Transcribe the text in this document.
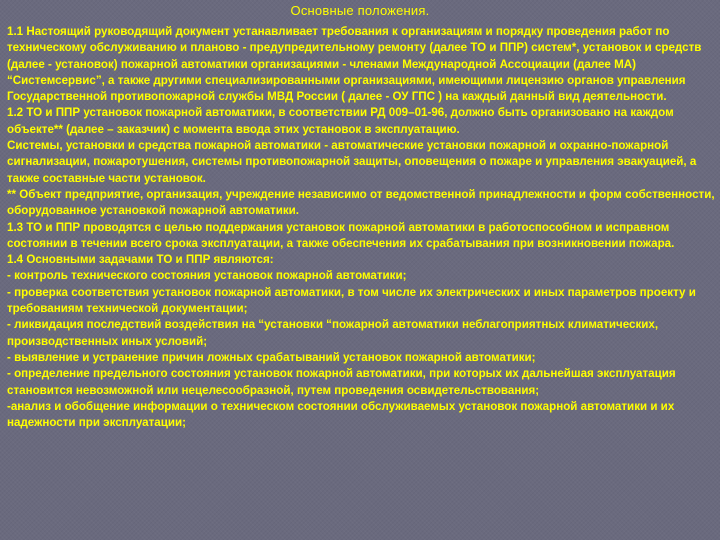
Основные положения.
1.1 Настоящий руководящий документ устанавливает требования к организациям и порядку проведения работ по техническому обслуживанию и планово - предупредительному ремонту (далее ТО и ППР) систем*, установок и средств (далее - установок) пожарной автоматики организациями - членами Международной Ассоциации (далее МА) “Системсервис”, а также другими специализированными организациями, имеющими лицензию органов управления Государственной противопожарной службы МВД России ( далее - ОУ ГПС ) на каждый данный вид деятельности.
1.2 ТО и ППР установок пожарной автоматики, в соответствии РД 009–01-96, должно быть организовано на каждом объекте** (далее – заказчик) с момента ввода этих установок в эксплуатацию.
Системы, установки и средства пожарной автоматики - автоматические установки пожарной и охранно-пожарной сигнализации, пожаротушения, системы противопожарной защиты, оповещения о пожаре и управления эвакуацией, а также составные части установок.
** Объект предприятие, организация, учреждение независимо от ведомственной принадлежности и форм собственности, оборудованное установкой пожарной автоматики.
1.3 ТО и ППР проводятся с целью поддержания установок пожарной автоматики в работоспособном и исправном состоянии в течении всего срока эксплуатации, а также обеспечения их срабатывания при возникновении пожара.
1.4 Основными задачами ТО и ППР являются:
- контроль технического состояния установок пожарной автоматики;
- проверка соответствия установок пожарной автоматики, в том числе их электрических и иных параметров проекту и требованиям технической документации;
- ликвидация последствий воздействия на “установки “пожарной автоматики неблагоприятных климатических, производственных иных условий;
- выявление и устранение причин ложных срабатываний установок пожарной автоматики;
- определение предельного состояния установок пожарной автоматики, при которых их дальнейшая эксплуатация становится невозможной или нецелесообразной, путем проведения освидетельствования;
-анализ и обобщение информации о техническом состоянии обслуживаемых установок пожарной автоматики и их надежности при эксплуатации;
